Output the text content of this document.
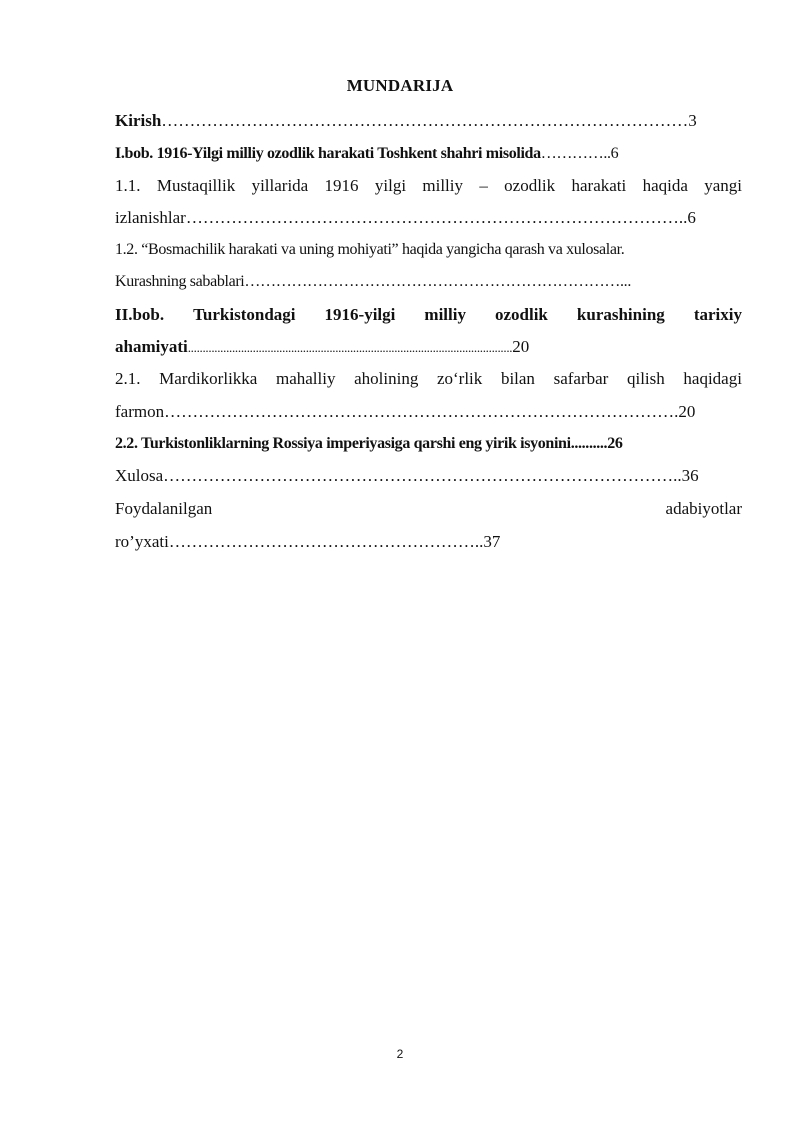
MUNDARIJA
Kirish…………………………………………………………………………………3
I.bob. 1916-Yilgi milliy ozodlik harakati Toshkent shahri misolida…………..6
1.1. Mustaqillik yillarida 1916 yilgi milliy – ozodlik harakati haqida yangi
izlanishlar……………………………………………………………………………..6
1.2. “Bosmachilik harakati va uning mohiyati” haqida yangicha qarash va xulosalar.
Kurashning sabablari………………………………………………………………...
II.bob. Turkistondagi 1916-yilgi milliy ozodlik kurashining tarixiy
ahamiyati..............................................................................................................20
2.1. Mardikorlikka mahalliy aholining zo‘rlik bilan safarbar qilish haqidagi
farmon……………………………………………………………………………….20
2.2. Turkistonliklarning Rossiya imperiyasiga qarshi eng yirik isyonini..........26
Xulosa………………………………………………………………………………..36
Foydalanilgan	adabiyotlar
ro’yxati………………………………………………..37
2
